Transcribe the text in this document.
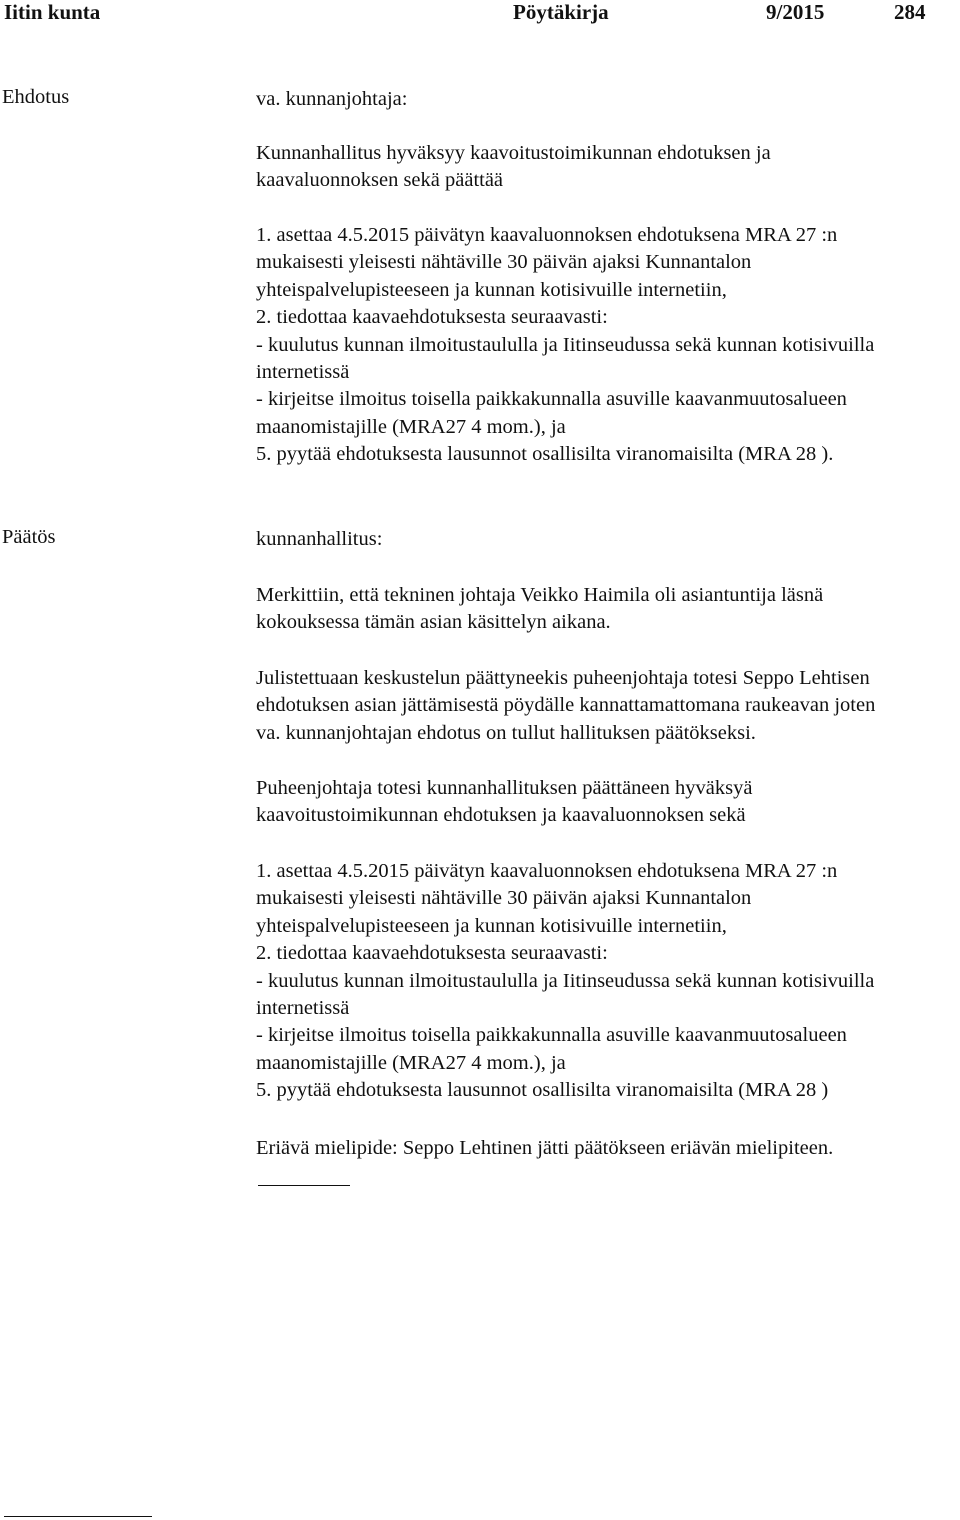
Iitin kunta	Pöytäkirja	9/2015	284
Ehdotus	va. kunnanjohtaja:
Kunnanhallitus hyväksyy kaavoitustoimikunnan ehdotuksen ja
kaavaluonnoksen sekä päättää
1. asettaa 4.5.2015 päivätyn kaavaluonnoksen ehdotuksena MRA 27 :n
mukaisesti yleisesti nähtäville 30 päivän ajaksi Kunnantalon
yhteispalvelupisteeseen ja kunnan kotisivuille internetiin,
2. tiedottaa kaavaehdotuksesta seuraavasti:
- kuulutus kunnan ilmoitustaululla ja Iitinseudussa sekä kunnan kotisivuilla
internetissä
- kirjeitse ilmoitus toisella paikkakunnalla asuville kaavanmuutosalueen
maanomistajille (MRA27 4 mom.), ja
5. pyytää ehdotuksesta lausunnot osallisilta viranomaisilta (MRA 28 ).
Päätös	kunnanhallitus:
Merkittiin, että tekninen johtaja Veikko Haimila oli asiantuntija läsnä
kokouksessa tämän asian käsittelyn aikana.
Julistettuaan keskustelun päättyneekis puheenjohtaja totesi Seppo Lehtisen
ehdotuksen asian jättämisestä pöydälle kannattamattomana raukeavan joten
va. kunnanjohtajan ehdotus on tullut hallituksen päätökseksi.
Puheenjohtaja totesi kunnanhallituksen päättäneen hyväksyä
kaavoitustoimikunnan ehdotuksen ja kaavaluonnoksen sekä
1. asettaa 4.5.2015 päivätyn kaavaluonnoksen ehdotuksena MRA 27 :n
mukaisesti yleisesti nähtäville 30 päivän ajaksi Kunnantalon
yhteispalvelupisteeseen ja kunnan kotisivuille internetiin,
2. tiedottaa kaavaehdotuksesta seuraavasti:
- kuulutus kunnan ilmoitustaululla ja Iitinseudussa sekä kunnan kotisivuilla
internetissä
- kirjeitse ilmoitus toisella paikkakunnalla asuville kaavanmuutosalueen
maanomistajille (MRA27 4 mom.), ja
5. pyytää ehdotuksesta lausunnot osallisilta viranomaisilta (MRA 28 )
Eriävä mielipide: Seppo Lehtinen jätti päätökseen eriävän mielipiteen.
